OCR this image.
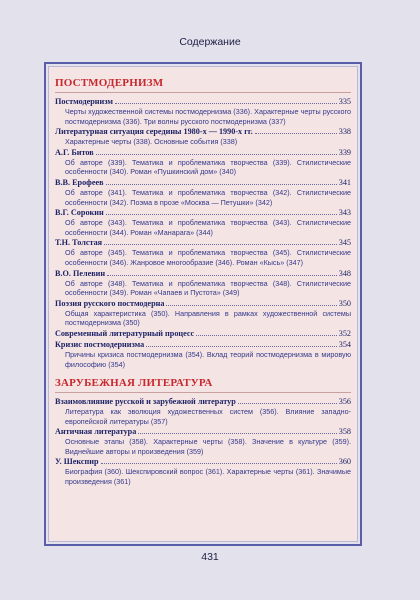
Содержание
ПОСТМОДЕРНИЗМ
Постмодернизм	335
Черты художественной системы постмодернизма (336). Характерные черты русского постмодернизма (336). Три волны русского постмодернизма (337)
Литературная ситуация середины 1980-х — 1990-х гг.	338
Характерные черты (338). Основные события (338)
А.Г. Битов	339
Об авторе (339). Тематика и проблематика творчества (339). Стилистические особенности (340). Роман «Пушкинский дом» (340)
В.В. Ерофеев	341
Об авторе (341). Тематика и проблематика творчества (342). Стилистические особенности (342). Поэма в прозе «Москва — Петушки» (342)
В.Г. Сорокин	343
Об авторе (343). Тематика и проблематика творчества (343). Стилистические особенности (344). Роман «Манарага» (344)
Т.Н. Толстая	345
Об авторе (345). Тематика и проблематика творчества (345). Стилистические особенности (346). Жанровое многообразие (346). Роман «Кысь» (347)
В.О. Пелевин	348
Об авторе (348). Тематика и проблематика творчества (348). Стилистические особенности (349). Роман «Чапаев и Пустота» (349)
Поэзия русского постмодерна	350
Общая характеристика (350). Направления в рамках художественной системы постмодернизма (350)
Современный литературный процесс	352
Кризис постмодернизма	354
Причины кризиса постмодернизма (354). Вклад теорий постмодернизма в мировую философию (354)
ЗАРУБЕЖНАЯ ЛИТЕРАТУРА
Взаимовлияние русской и зарубежной литератур	356
Литература как эволюция художественных систем (356). Влияние западно-европейской литературы (357)
Античная литература	358
Основные этапы (358). Характерные черты (358). Значение в культуре (359). Виднейшие авторы и произведения (359)
У. Шекспир	360
Биография (360). Шекспировский вопрос (361). Характерные черты (361). Значимые произведения (361)
431
